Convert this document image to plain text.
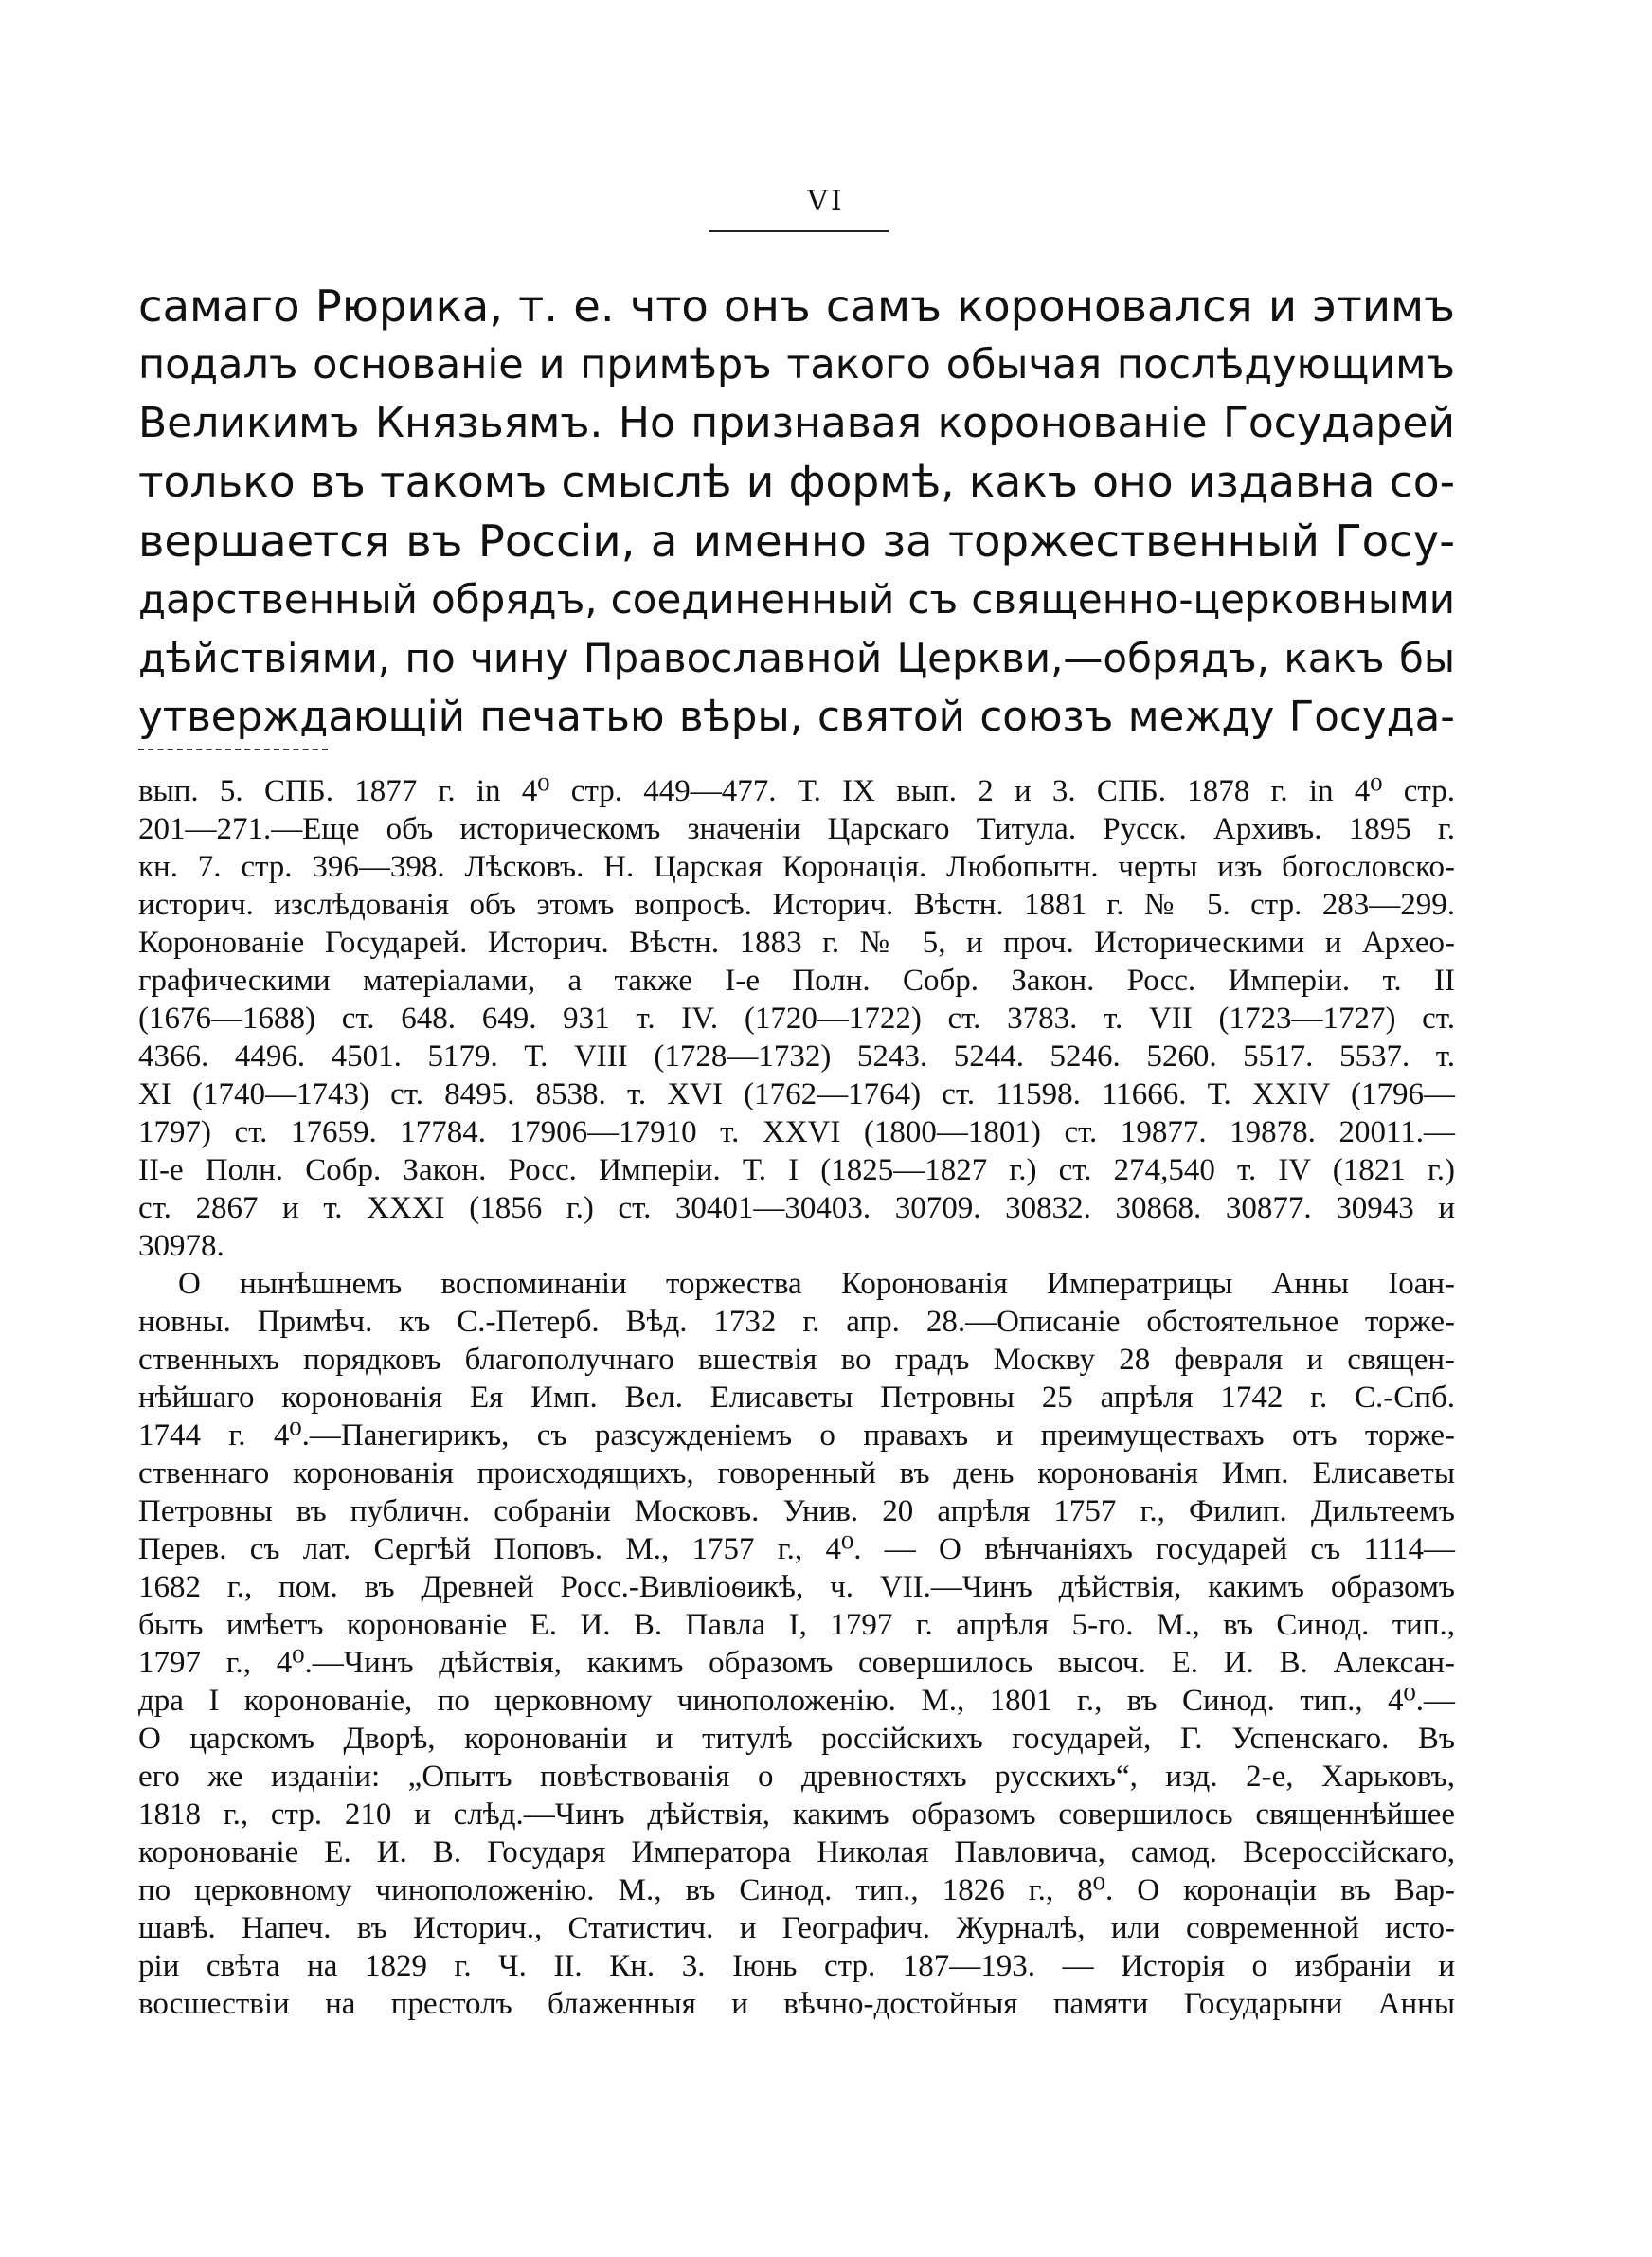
VI
самаго Рюрика, т. е. что онъ самъ короновался и этимъ
подалъ основаніе и примѣръ такого обычая послѣдующимъ
Великимъ Князьямъ. Но признавая коронованіе Государей
только въ такомъ смыслѣ и формѣ, какъ оно издавна со-
вершается въ Россіи, а именно за торжественный Госу-
дарственный обрядъ, соединенный съ священно-церковными
дѣйствіями, по чину Православной Церкви,—обрядъ, какъ бы
утверждающій печатью вѣры, святой союзъ между Госуда-
вып. 5. СПБ. 1877 г. in 4⁰ стр. 449—477. Т. IX вып. 2 и 3. СПБ. 1878 г. in 4⁰ стр.
201—271.—Еще объ историческомъ значеніи Царскаго Титула. Русск. Архивъ. 1895 г.
кн. 7. стр. 396—398. Лѣсковъ. Н. Царская Коронація. Любопытн. черты изъ богословско-
историч. изслѣдованія объ этомъ вопросѣ. Историч. Вѣстн. 1881 г. № 5. стр. 283—299.
Коронованіе Государей. Историч. Вѣстн. 1883 г. № 5, и проч. Историческими и Археo-
графическими матеріалами, а также I-е Полн. Собр. Закон. Росс. Имперіи. т. II
(1676—1688) ст. 648. 649. 931 т. IV. (1720—1722) ст. 3783. т. VII (1723—1727) ст.
4366. 4496. 4501. 5179. Т. VIII (1728—1732) 5243. 5244. 5246. 5260. 5517. 5537. т.
XI (1740—1743) ст. 8495. 8538. т. XVI (1762—1764) ст. 11598. 11666. Т. XXIV (1796—
1797) ст. 17659. 17784. 17906—17910 т. XXVI (1800—1801) ст. 19877. 19878. 20011.—
II-е Полн. Собр. Закон. Росс. Имперіи. Т. I (1825—1827 г.) ст. 274,540 т. IV (1821 г.)
ст. 2867 и т. XXXI (1856 г.) ст. 30401—30403. 30709. 30832. 30868. 30877. 30943 и
30978.
О нынѣшнемъ воспоминаніи торжества Коронованія Императрицы Анны Іоан-
новны. Примѣч. къ С.-Петерб. Вѣд. 1732 г. апр. 28.—Описаніе обстоятельное торже-
ственныхъ порядковъ благополучнаго вшествія во градъ Москву 28 февраля и священ-
нѣйшаго коронованія Ея Имп. Вел. Елисаветы Петровны 25 апрѣля 1742 г. С.-Спб.
1744 г. 4⁰.—Панегирикъ, съ разсужденіемъ о правахъ и преимуществахъ отъ торже-
ственнаго коронованія происходящихъ, говоренный въ день коронованія Имп. Елисаветы
Петровны въ публичн. собраніи Московъ. Унив. 20 апрѣля 1757 г., Филип. Дильтеемъ
Перев. съ лат. Сергѣй Поповъ. М., 1757 г., 4⁰. — О вѣнчаніяхъ государей съ 1114—
1682 г., пом. въ Древней Росс.-Вивліоѳикѣ, ч. VII.—Чинъ дѣйствія, какимъ образомъ
быть имѣетъ коронованіе Е. И. В. Павла I, 1797 г. апрѣля 5-го. М., въ Синод. тип.,
1797 г., 4⁰.—Чинъ дѣйствія, какимъ образомъ совершилось высоч. Е. И. В. Алексан-
дра I коронованіе, по церковному чиноположенію. М., 1801 г., въ Синод. тип., 4⁰.—
О царскомъ Дворѣ, коронованіи и титулѣ россійскихъ государей, Г. Успенскаго. Въ
его же изданіи: „Опытъ повѣствованія о древностяхъ русскихъ“, изд. 2-е, Харьковъ,
1818 г., стр. 210 и слѣд.—Чинъ дѣйствія, какимъ образомъ совершилось священнѣйшее
коронованіе Е. И. В. Государя Императора Николая Павловича, самод. Всероссійскаго,
по церковному чиноположенію. М., въ Синод. тип., 1826 г., 8⁰. О коронаціи въ Вар-
шавѣ. Напеч. въ Историч., Статистич. и Географич. Журналѣ, или современной исто-
ріи свѣта на 1829 г. Ч. II. Кн. 3. Іюнь стр. 187—193. — Исторія о избраніи и
восшествіи на престолъ блаженныя и вѣчно-достойныя памяти Государыни Анны
